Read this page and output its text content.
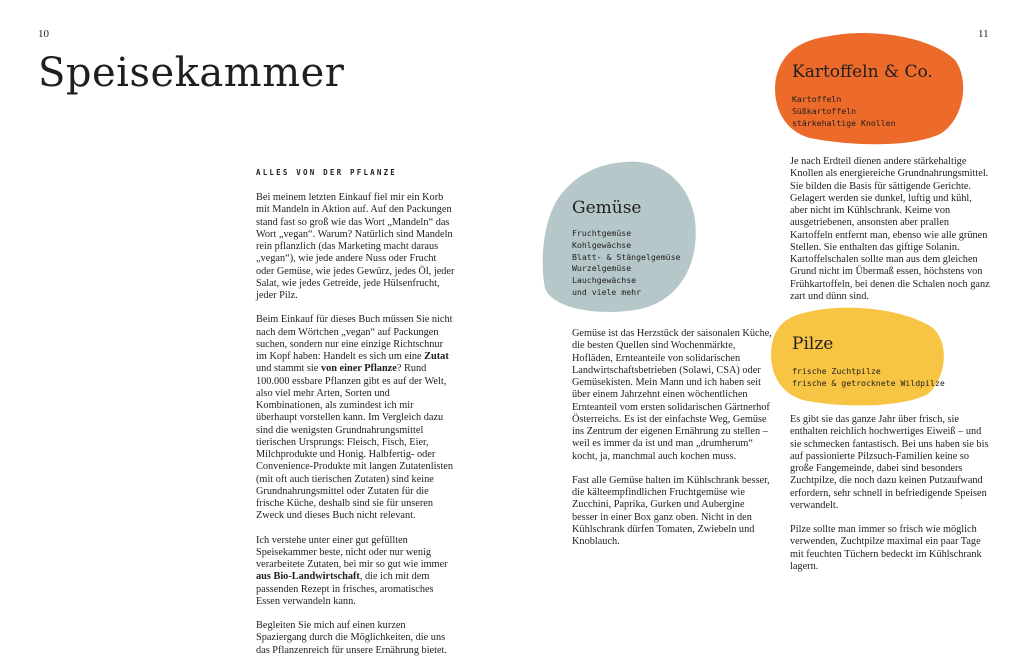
10	11
Speisekammer
ALLES VON DER PFLANZE

Bei meinem letzten Einkauf fiel mir ein Korb mit Mandeln in Aktion auf. Auf den Packungen stand fast so groß wie das Wort „Mandeln“ das Wort „vegan“. Warum? Natürlich sind Mandeln rein pflanzlich (das Marketing macht daraus „vegan“), wie jede andere Nuss oder Frucht oder Gemüse, wie jedes Gewürz, jedes Öl, jeder Salat, wie jedes Getreide, jede Hülsenfrucht, jeder Pilz.

Beim Einkauf für dieses Buch müssen Sie nicht nach dem Wörtchen „vegan“ auf Packungen suchen, sondern nur eine einzige Richtschnur im Kopf haben: Handelt es sich um eine Zutat und stammt sie von einer Pflanze? Rund 100.000 essbare Pflanzen gibt es auf der Welt, also viel mehr Arten, Sorten und Kombinationen, als zumindest ich mir überhaupt vorstellen kann. Im Vergleich dazu sind die wenigsten Grundnahrungsmittel tierischen Ursprungs: Fleisch, Fisch, Eier, Milchprodukte und Honig. Halbfertig- oder Convenience-Produkte mit langen Zutatenlisten (mit oft auch tierischen Zutaten) sind keine Grundnahrungsmittel oder Zutaten für die frische Küche, deshalb sind sie für unseren Zweck und dieses Buch nicht relevant.

Ich verstehe unter einer gut gefüllten Speisekammer beste, nicht oder nur wenig verarbeitete Zutaten, bei mir so gut wie immer aus Bio-Landwirtschaft, die ich mit dem passenden Rezept in frisches, aromatisches Essen verwandeln kann.

Begleiten Sie mich auf einen kurzen Spaziergang durch die Möglichkeiten, die uns das Pflanzenreich für unsere Ernährung bietet.

Gemüse
Fruchtgemüse
Kohlgewächse
Blatt- & Stängelgemüse
Wurzelgemüse
Lauchgewächse
und viele mehr

Gemüse ist das Herzstück der saisonalen Küche, die besten Quellen sind Wochenmärkte, Hofläden, Ernteanteile von solidarischen Landwirtschaftsbetrieben (Solawi, CSA) oder Gemüsekisten. Mein Mann und ich haben seit über einem Jahrzehnt einen wöchentlichen Ernteanteil vom ersten solidarischen Gärtnerhof Österreichs. Es ist der einfachste Weg, Gemüse ins Zentrum der eigenen Ernährung zu stellen – weil es immer da ist und man „drumherum“ kocht, ja, manchmal auch kochen muss.

Fast alle Gemüse halten im Kühlschrank besser, die kälteempfindlichen Fruchtgemüse wie Zucchini, Paprika, Gurken und Aubergine besser in einer Box ganz oben. Nicht in den Kühlschrank dürfen Tomaten, Zwiebeln und Knoblauch.

Kartoffeln & Co.
Kartoffeln
Süßkartoffeln
stärkehaltige Knollen

Je nach Erdteil dienen andere stärkehaltige Knollen als energiereiche Grundnahrungsmittel. Sie bilden die Basis für sättigende Gerichte. Gelagert werden sie dunkel, luftig und kühl, aber nicht im Kühlschrank. Keime von ausgetriebenen, ansonsten aber prallen Kartoffeln entfernt man, ebenso wie alle grünen Stellen. Sie enthalten das giftige Solanin. Kartoffelschalen sollte man aus dem gleichen Grund nicht im Übermaß essen, höchstens von Frühkartoffeln, bei denen die Schalen noch ganz zart und dünn sind.

Pilze
frische Zuchtpilze
frische & getrocknete Wildpilze

Es gibt sie das ganze Jahr über frisch, sie enthalten reichlich hochwertiges Eiweiß – und sie schmecken fantastisch. Bei uns haben sie bis auf passionierte Pilzsuch-Familien keine so große Fangemeinde, dabei sind besonders Zuchtpilze, die noch dazu keinen Putzaufwand erfordern, sehr schnell in befriedigende Speisen verwandelt.

Pilze sollte man immer so frisch wie möglich verwenden, Zuchtpilze maximal ein paar Tage mit feuchten Tüchern bedeckt im Kühlschrank lagern.
